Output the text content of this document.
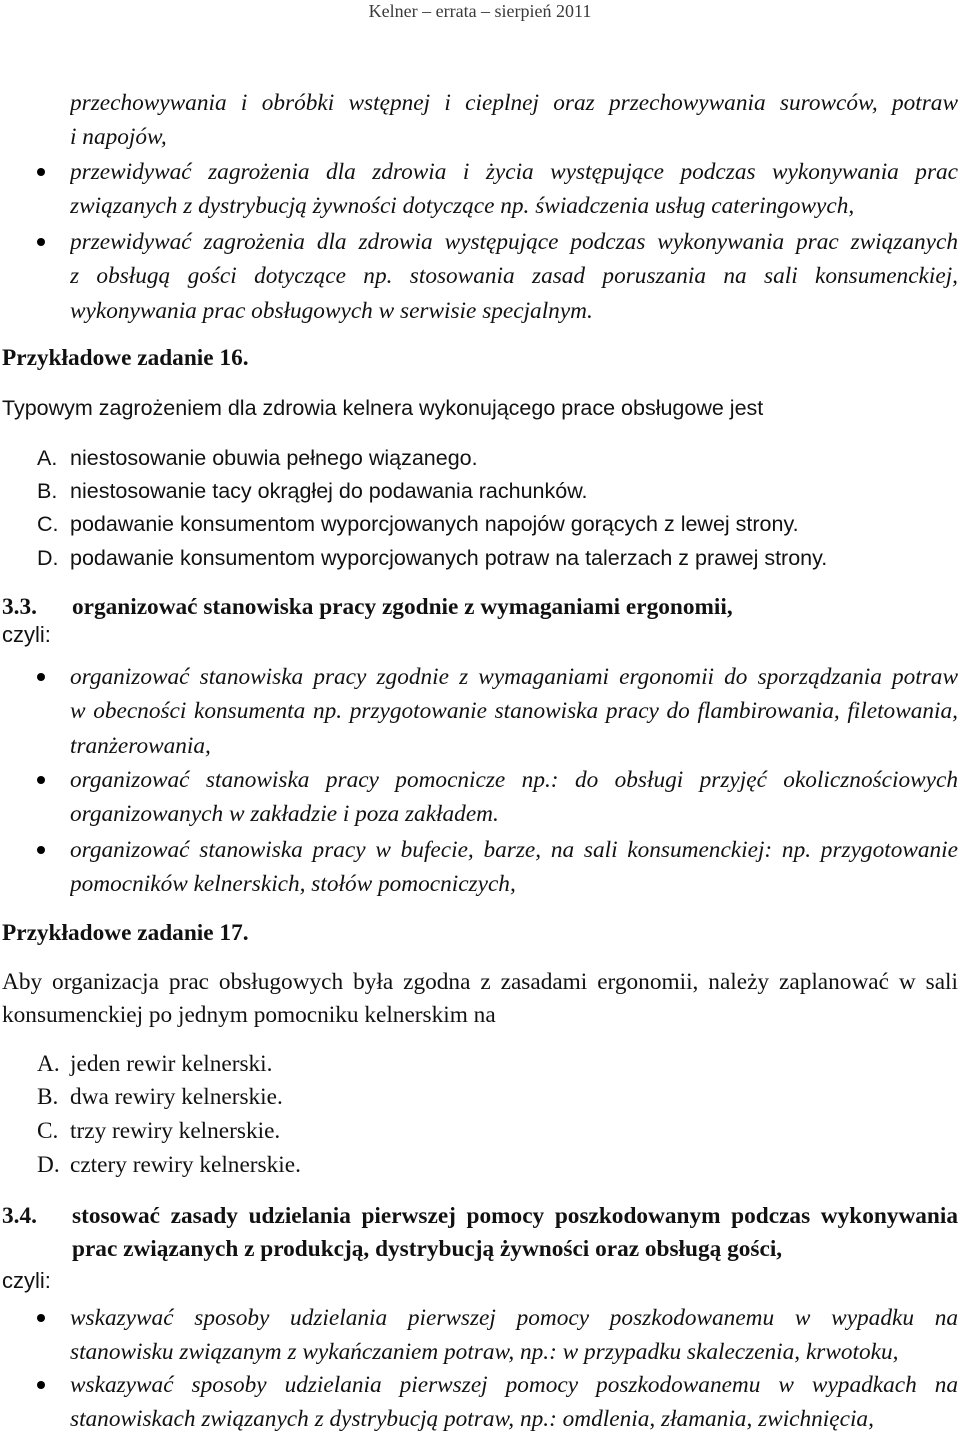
Kelner – errata – sierpień 2011
przechowywania i obróbki wstępnej i cieplnej oraz przechowywania surowców, potraw
i napojów,
przewidywać zagrożenia dla zdrowia i życia występujące podczas wykonywania prac
związanych z dystrybucją żywności dotyczące np. świadczenia usług cateringowych,
przewidywać zagrożenia dla zdrowia występujące podczas wykonywania prac związanych
z obsługą gości dotyczące np. stosowania zasad poruszania na sali konsumenckiej,
wykonywania prac obsługowych w serwisie specjalnym.
Przykładowe zadanie 16.
Typowym zagrożeniem dla zdrowia kelnera wykonującego prace obsługowe jest
A. niestosowanie obuwia pełnego wiązanego.
B. niestosowanie tacy okrągłej do podawania rachunków.
C. podawanie konsumentom wyporcjowanych napojów gorących z lewej strony.
D. podawanie konsumentom wyporcjowanych potraw na talerzach z prawej strony.
3.3.	organizować stanowiska pracy zgodnie z wymaganiami ergonomii,
czyli:
organizować stanowiska pracy zgodnie z wymaganiami ergonomii do sporządzania potraw
w obecności konsumenta np. przygotowanie stanowiska pracy do flambirowania, filetowania,
tranżerowania,
organizować stanowiska pracy pomocnicze np.: do obsługi przyjęć okolicznościowych
organizowanych w zakładzie i poza zakładem.
organizować stanowiska pracy w bufecie, barze, na sali konsumenckiej: np. przygotowanie
pomocników kelnerskich, stołów pomocniczych,
Przykładowe zadanie 17.
Aby organizacja prac obsługowych była zgodna z zasadami ergonomii, należy zaplanować w sali
konsumenckiej po jednym pomocniku kelnerskim na
A. jeden rewir kelnerski.
B. dwa rewiry kelnerskie.
C. trzy rewiry kelnerskie.
D. cztery rewiry kelnerskie.
3.4.	stosować zasady udzielania pierwszej pomocy poszkodowanym podczas wykonywania
prac związanych z produkcją, dystrybucją żywności oraz obsługą gości,
czyli:
wskazywać sposoby udzielania pierwszej pomocy poszkodowanemu w wypadku na
stanowisku związanym z wykańczaniem potraw, np.: w przypadku skaleczenia, krwotoku,
wskazywać sposoby udzielania pierwszej pomocy poszkodowanemu w wypadkach na
stanowiskach związanych z dystrybucją potraw, np.: omdlenia, złamania, zwichnięcia,
